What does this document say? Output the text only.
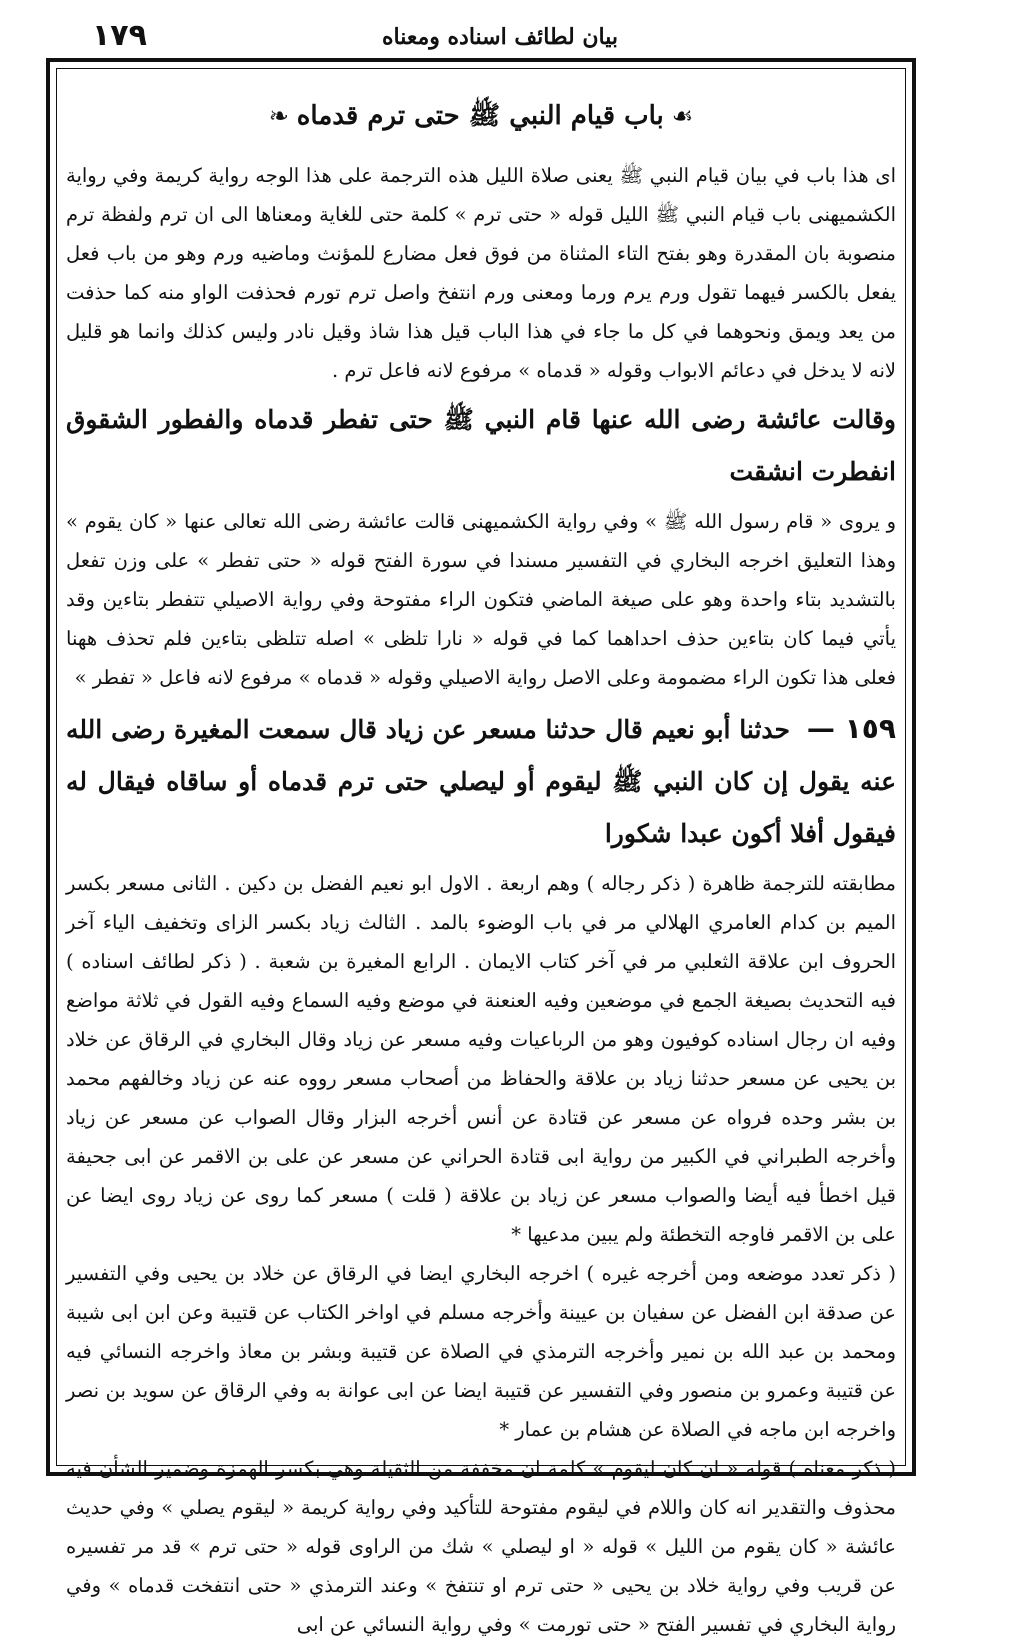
١٧٩	بيان لطائف اسناده ومعناه
☙باب قيام النبي ﷺ حتى ترم قدماه❧

اى هذا باب في بيان قيام النبي ﷺ يعنى صلاة الليل هذه الترجمة على هذا الوجه رواية كريمة وفي رواية الكشميهنى باب قيام النبي ﷺ الليل قوله « حتى ترم » كلمة حتى للغاية ومعناها الى ان ترم ولفظة ترم منصوبة بان المقدرة وهو بفتح التاء المثناة من فوق فعل مضارع للمؤنث وماضيه ورم وهو من باب فعل يفعل بالكسر فيهما تقول ورم يرم ورما ومعنى ورم انتفخ واصل ترم تورم فحذفت الواو منه كما حذفت من يعد ويمق ونحوهما في كل ما جاء في هذا الباب قيل هذا شاذ وقيل نادر وليس كذلك وانما هو قليل لانه لا يدخل في دعائم الابواب وقوله « قدماه » مرفوع لانه فاعل ترم .

وقالت عائشة رضى الله عنها قام النبي ﷺ حتى تفطر قدماه والفطور الشقوق انفطرت انشقت

و يروى « قام رسول الله ﷺ » وفي رواية الكشميهنى قالت عائشة رضى الله تعالى عنها « كان يقوم » وهذا التعليق اخرجه البخاري في التفسير مسندا في سورة الفتح قوله « حتى تفطر » على وزن تفعل بالتشديد بتاء واحدة وهو على صيغة الماضي فتكون الراء مفتوحة وفي رواية الاصيلي تتفطر بتاءين وقد يأتي فيما كان بتاءين حذف احداهما كما في قوله « نارا تلظى » اصله تتلظى بتاءين فلم تحذف ههنا فعلى هذا تكون الراء مضمومة وعلى الاصل رواية الاصيلي وقوله « قدماه » مرفوع لانه فاعل « تفطر »

١٥٩ — حدثنا أبو نعيم قال حدثنا مسعر عن زياد قال سمعت المغيرة رضى الله عنه يقول إن كان النبي ﷺ ليقوم أو ليصلي حتى ترم قدماه أو ساقاه فيقال له فيقول أفلا أكون عبدا شكورا

مطابقته للترجمة ظاهرة ( ذكر رجاله ) وهم اربعة . الاول ابو نعيم الفضل بن دكين . الثانى مسعر بكسر الميم بن كدام العامري الهلالي مر في باب الوضوء بالمد . الثالث زياد بكسر الزاى وتخفيف الياء آخر الحروف ابن علاقة الثعلبي مر في آخر كتاب الايمان . الرابع المغيرة بن شعبة . ( ذكر لطائف اسناده ) فيه التحديث بصيغة الجمع في موضعين وفيه العنعنة في موضع وفيه السماع وفيه القول في ثلاثة مواضع وفيه ان رجال اسناده كوفيون وهو من الرباعيات وفيه مسعر عن زياد وقال البخاري في الرقاق عن خلاد بن يحيى عن مسعر حدثنا زياد بن علاقة والحفاظ من أصحاب مسعر رووه عنه عن زياد وخالفهم محمد بن بشر وحده فرواه عن مسعر عن قتادة عن أنس أخرجه البزار وقال الصواب عن مسعر عن زياد وأخرجه الطبراني في الكبير من رواية ابى قتادة الحراني عن مسعر عن على بن الاقمر عن ابى جحيفة قيل اخطأ فيه أيضا والصواب مسعر عن زياد بن علاقة ( قلت ) مسعر كما روى عن زياد روى ايضا عن على بن الاقمر فاوجه التخطئة ولم يبين مدعيها *

( ذكر تعدد موضعه ومن أخرجه غيره ) اخرجه البخاري ايضا في الرقاق عن خلاد بن يحيى وفي التفسير عن صدقة ابن الفضل عن سفيان بن عيينة وأخرجه مسلم في اواخر الكتاب عن قتيبة وعن ابن ابى شيبة ومحمد بن عبد الله بن نمير وأخرجه الترمذي في الصلاة عن قتيبة وبشر بن معاذ واخرجه النسائي فيه عن قتيبة وعمرو بن منصور وفي التفسير عن قتيبة ايضا عن ابى عوانة به وفي الرقاق عن سويد بن نصر واخرجه ابن ماجه في الصلاة عن هشام بن عمار *

( ذكر معناه ) قوله « ان كان ليقوم » كلمة ان مخففة من الثقيلة وهي بكسر الهمزة وضمير الشأن فيه محذوف والتقدير انه كان واللام في ليقوم مفتوحة للتأكيد وفي رواية كريمة « ليقوم يصلي » وفي حديث عائشة « كان يقوم من الليل » قوله « او ليصلي » شك من الراوى قوله « حتى ترم » قد مر تفسيره عن قريب وفي رواية خلاد بن يحيى « حتى ترم او تنتفخ » وعند الترمذي « حتى انتفخت قدماه » وفي رواية البخاري في تفسير الفتح « حتى تورمت » وفي رواية النسائي عن ابى
